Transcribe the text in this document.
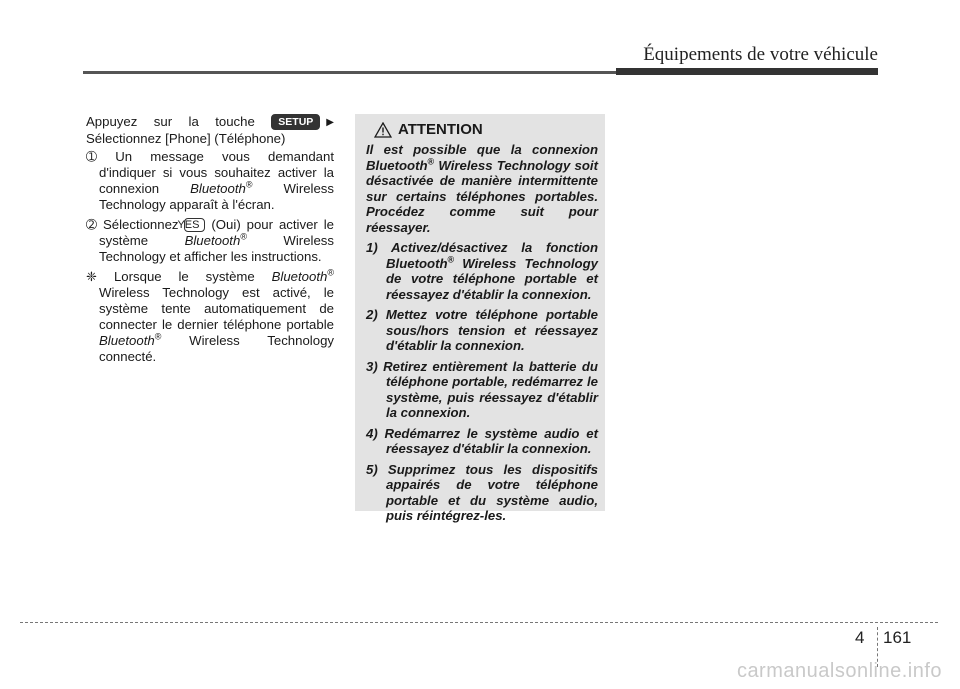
Équipements de votre véhicule

Appuyez sur la touche SETUP ▶

Sélectionnez [Phone] (Téléphone)

➀ Un message vous demandant d'indiquer si vous souhaitez activer la connexion Bluetooth® Wireless Technology apparaît à l'écran.

➁ Sélectionnez YES (Oui) pour activer le système	Bluetooth®	Wireless Technology et afficher les instructions.

❈ Lorsque le système Bluetooth® Wireless Technology est activé, le système tente automatiquement de connecter le dernier téléphone portable Bluetooth® Wireless Technology connecté.

ATTENTION

Il est possible que la connexion Bluetooth® Wireless Technology soit désactivée de manière intermittente sur certains téléphones portables. Procédez comme suit pour réessayer.

1) Activez/désactivez la fonction Bluetooth® Wireless Technology de votre téléphone portable et réessayez d'établir la connexion.

2) Mettez votre téléphone portable sous/hors tension et réessayez d'établir la connexion.

3) Retirez entièrement la batterie du téléphone portable, redémarrez le système, puis réessayez d'établir la connexion.

4) Redémarrez le système audio et réessayez d'établir la connexion.

5) Supprimez tous les dispositifs appairés de votre téléphone portable et du système audio, puis réintégrez-les.

4 161
carmanualsonline.info
